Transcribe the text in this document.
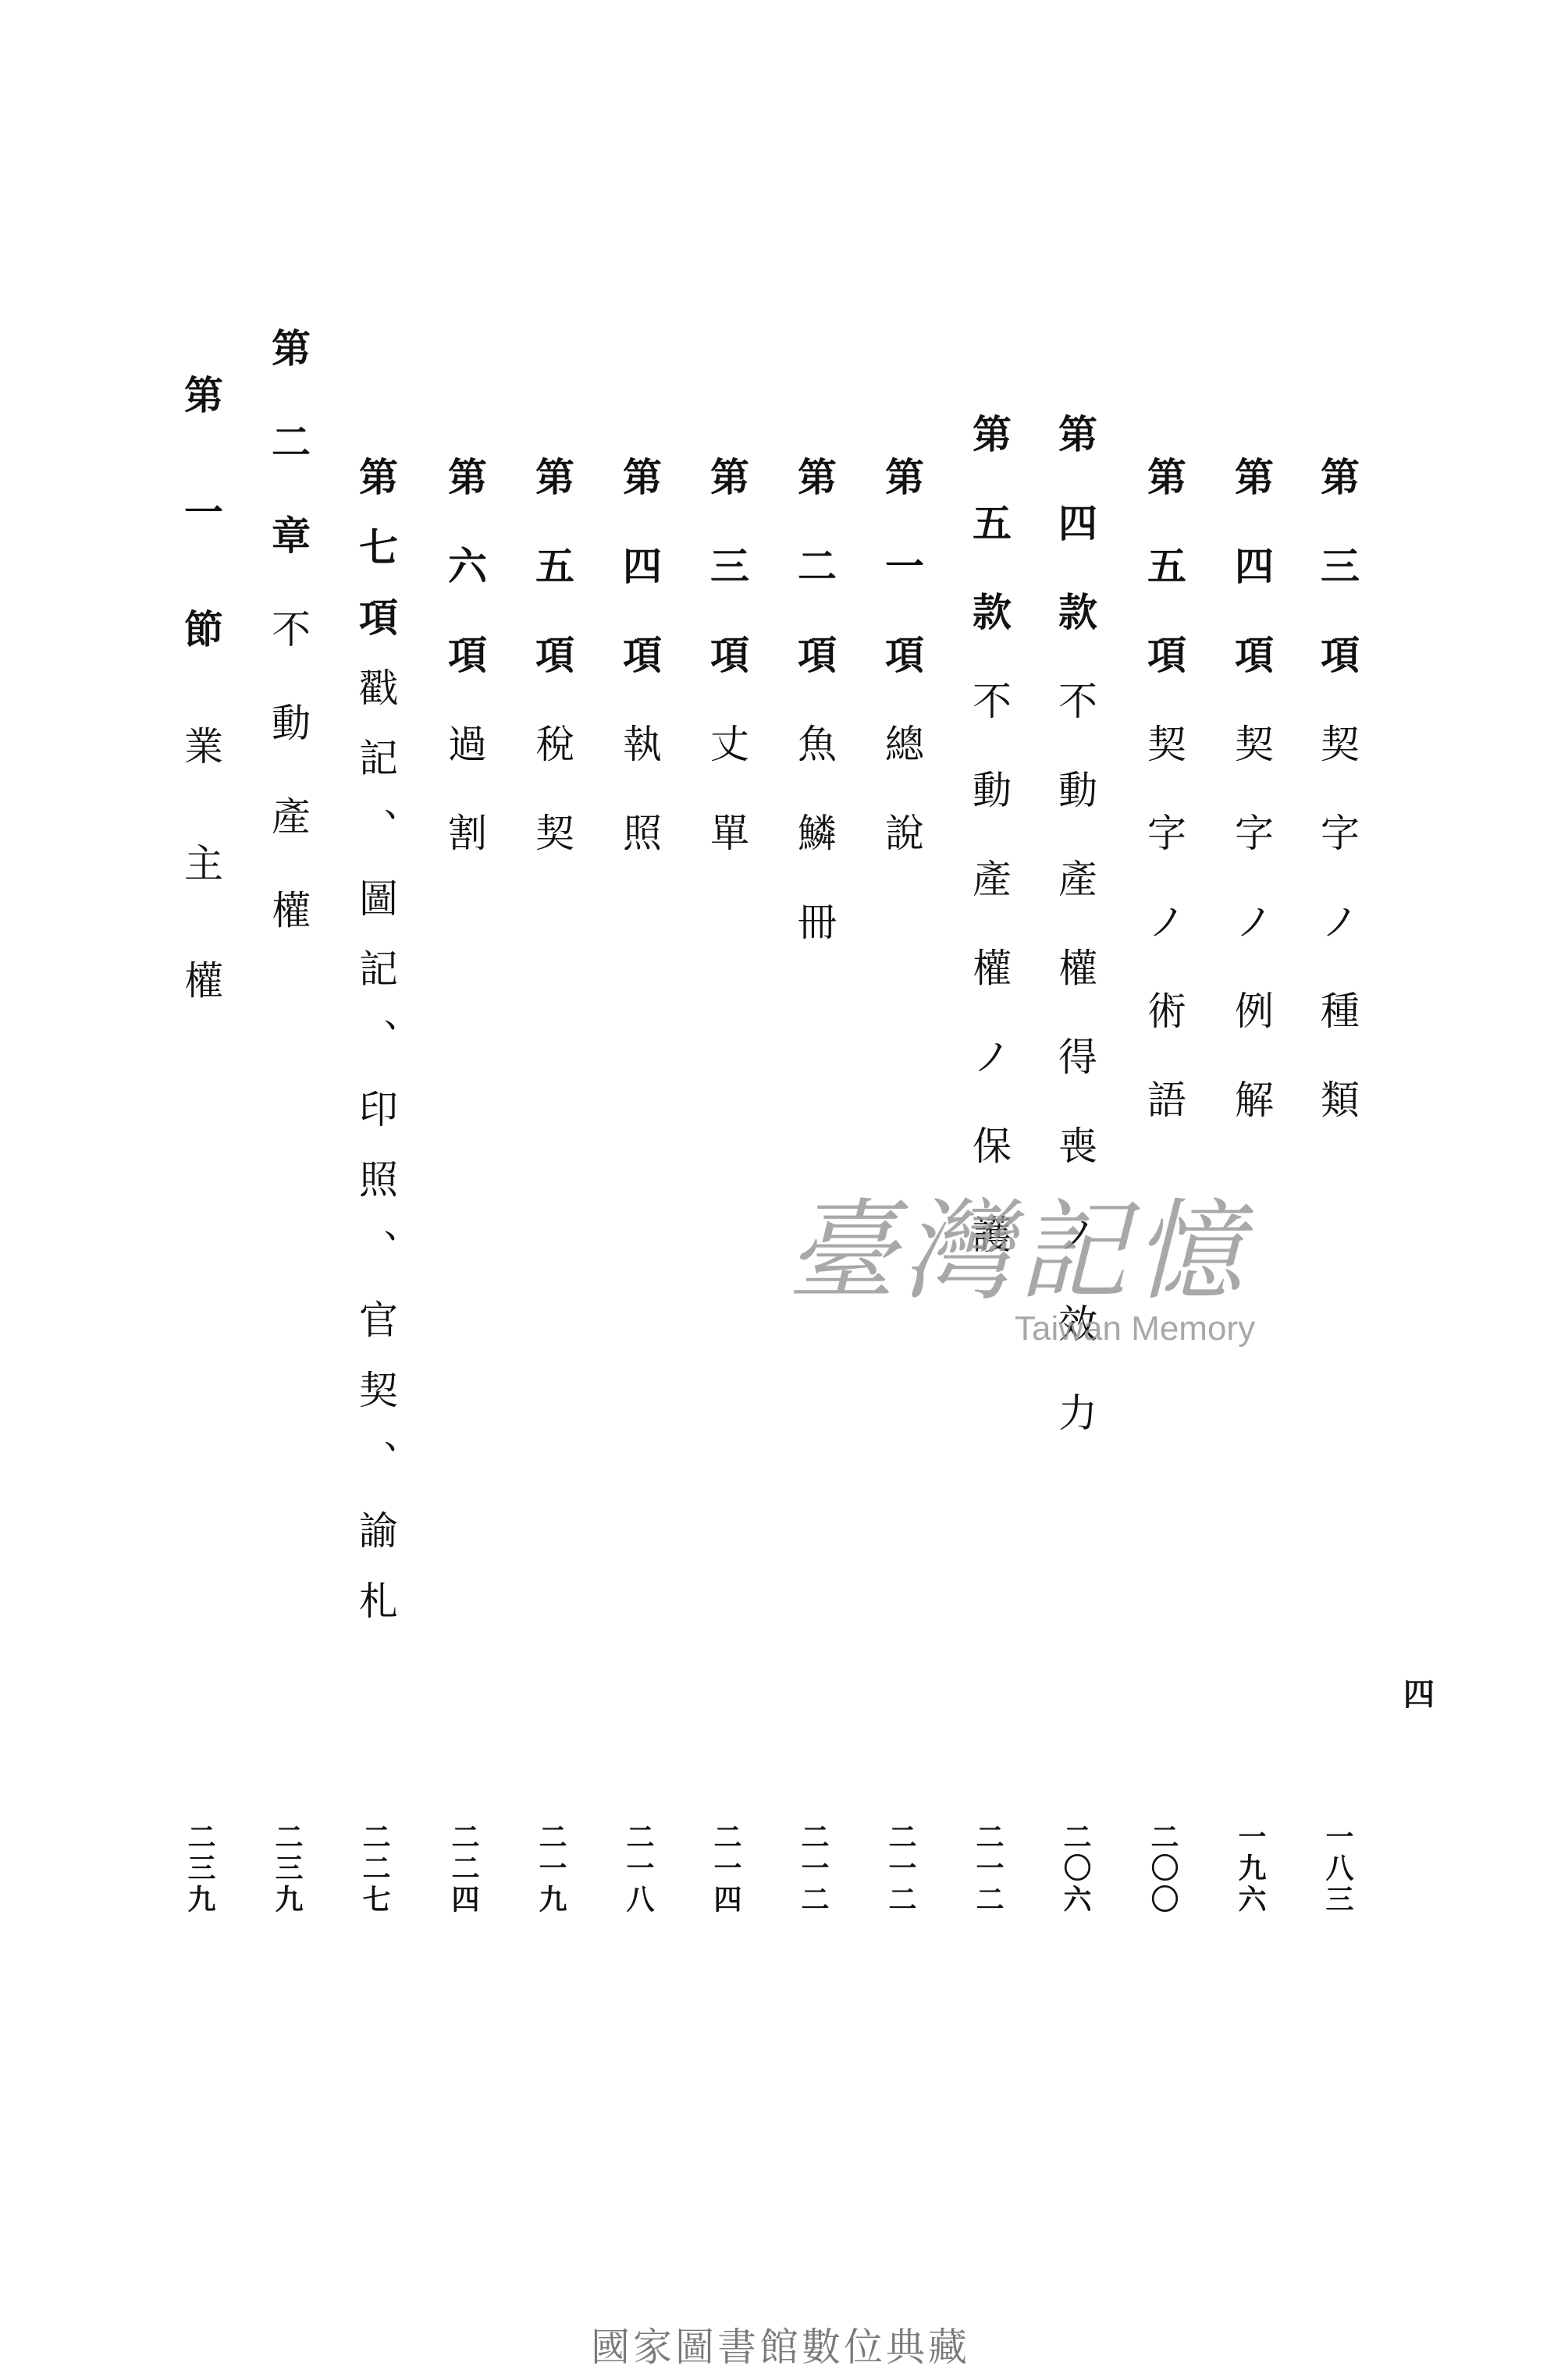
第三項契字ノ種類
第四項契字ノ例解
第五項契字ノ術語
第四款不動產權得喪ノ效力
第五款不動產權ノ保護
第一項總說
第二項魚鱗冊
第三項丈單
第四項執照
第五項稅契
第六項過割
第七項戳記、圖記、印照、官契、諭札
第二章不動產權
第一節業主權
一八三
一九六
二〇〇
二〇六
二一二
二一二
二一二
二一四
二一八
二一九
二二四
二二七
二三九
二三九
四
臺灣記憶
Taiwan Memory
國家圖書館數位典藏
